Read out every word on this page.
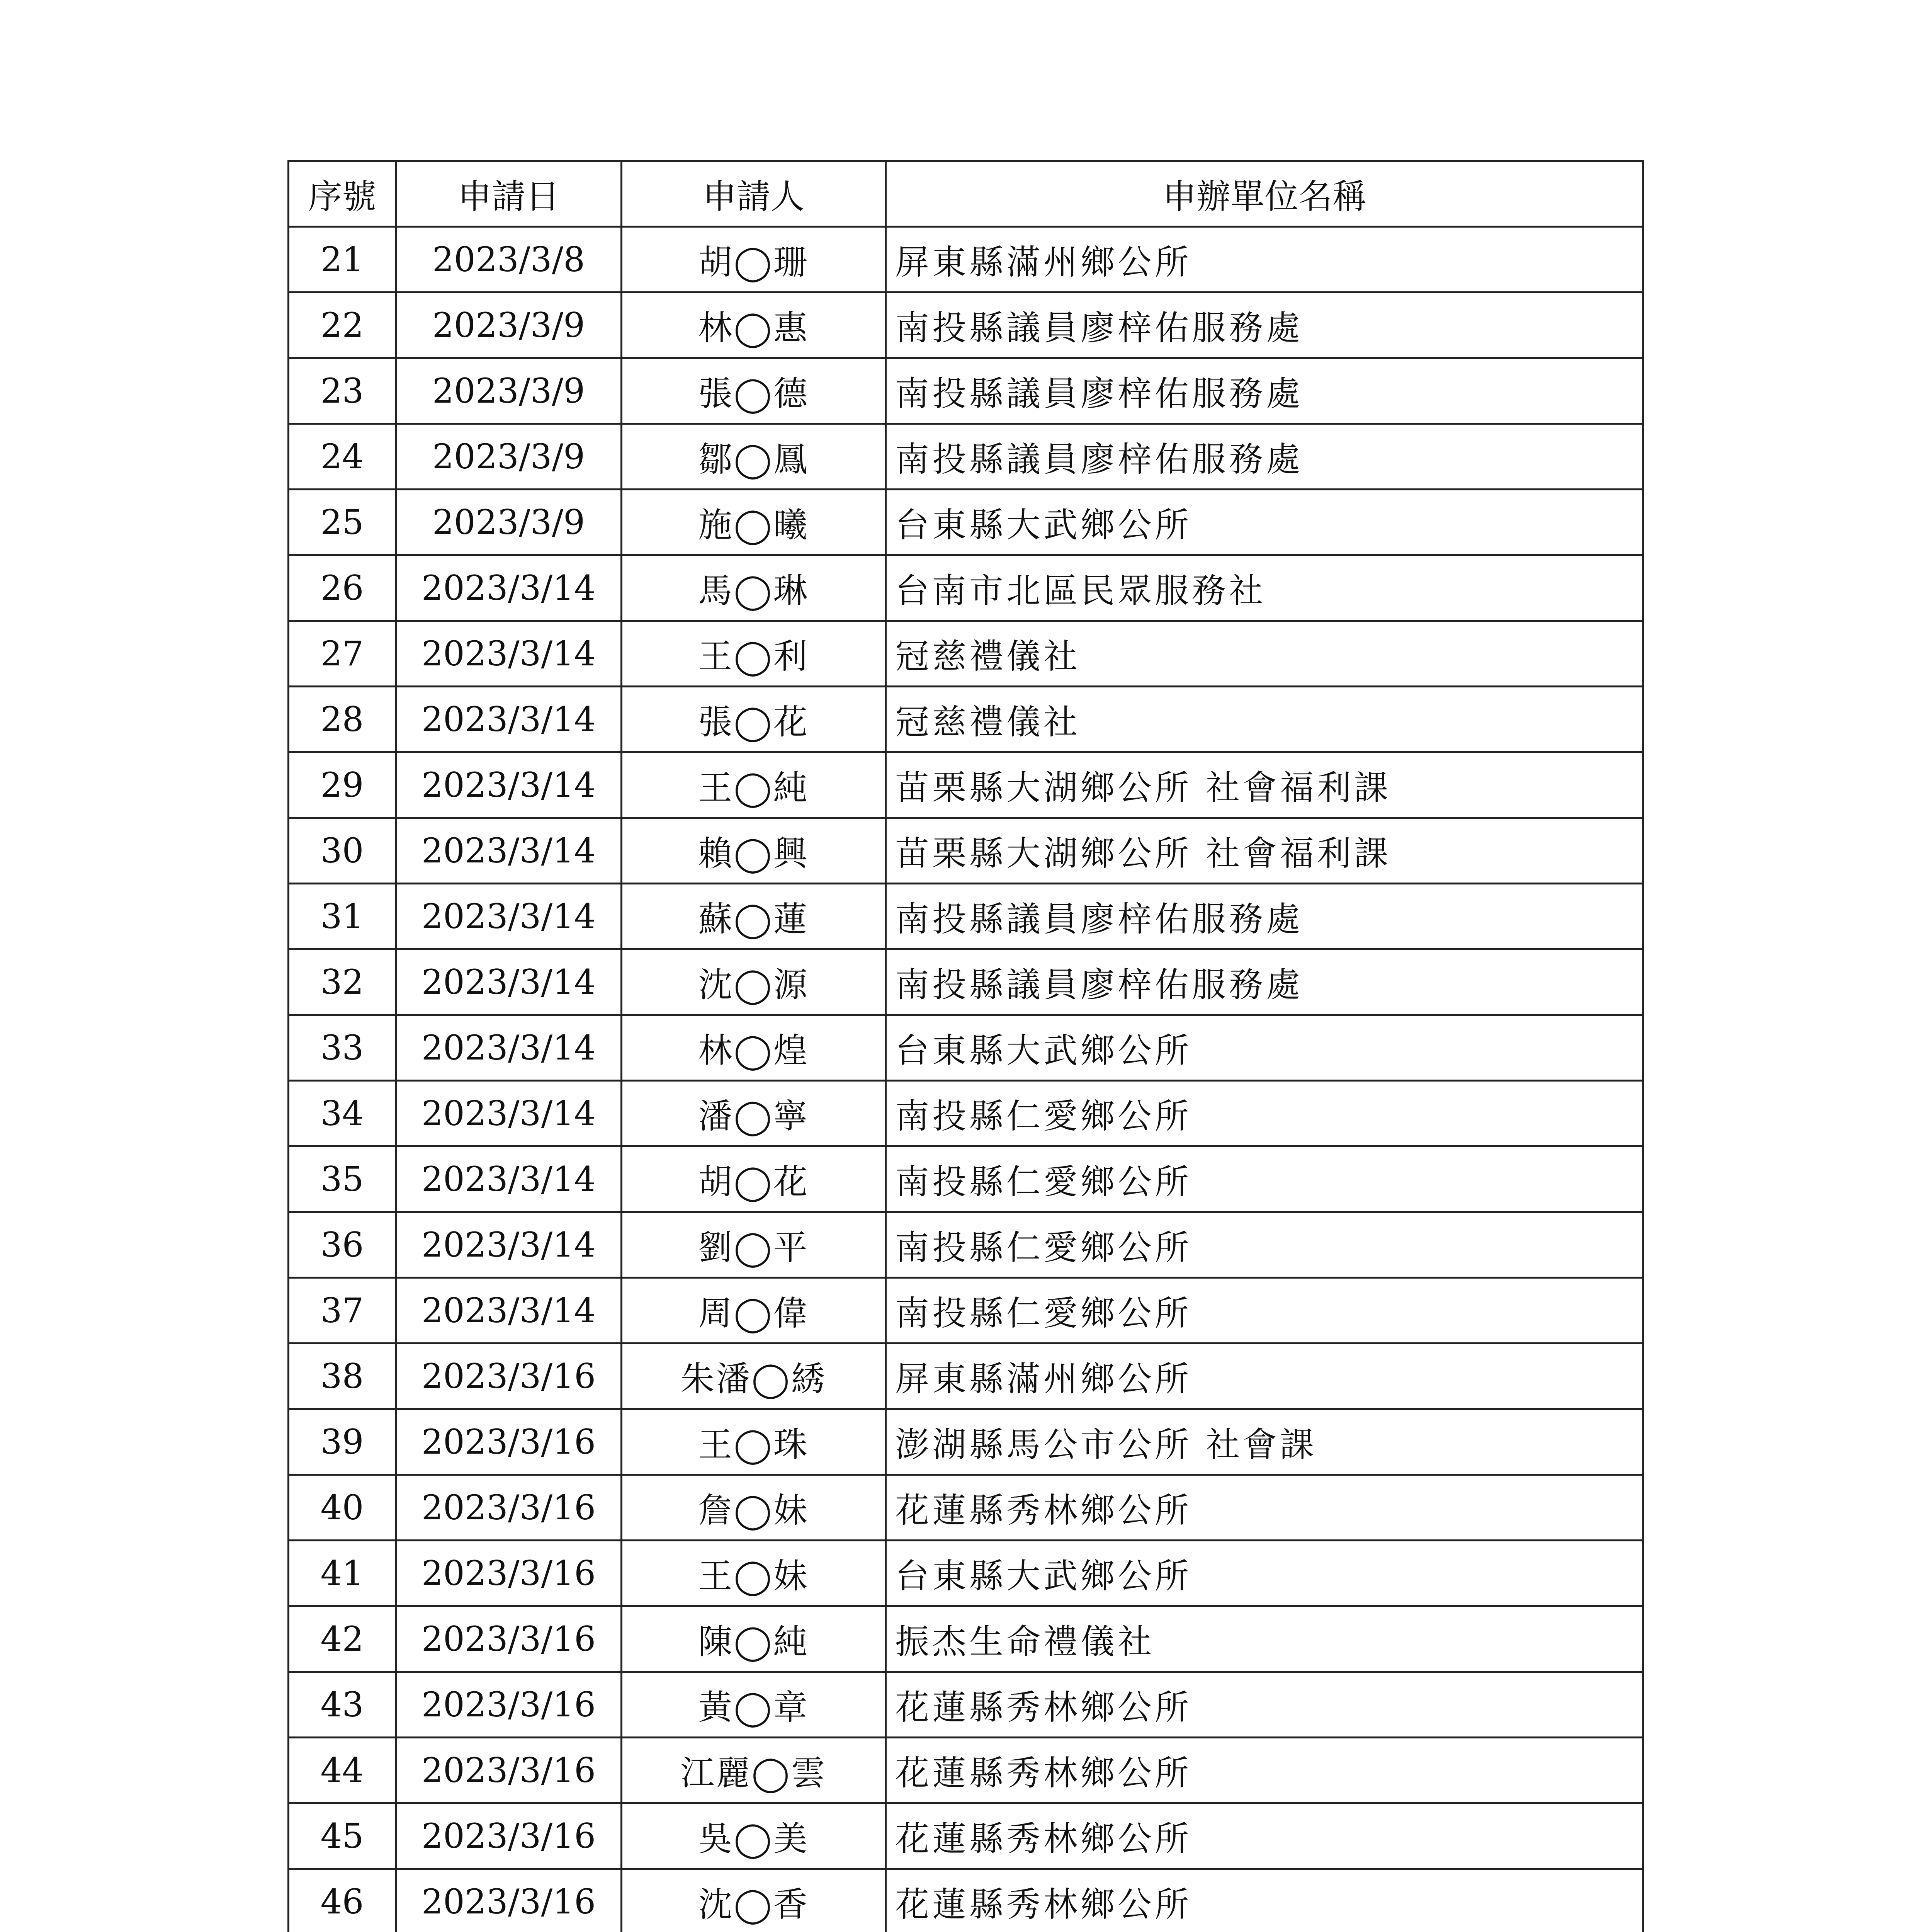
序號	申請日	申請人	申辦單位名稱
21	2023/3/8	胡◯珊	屏東縣滿州鄉公所
22	2023/3/9	林◯惠	南投縣議員廖梓佑服務處
23	2023/3/9	張◯德	南投縣議員廖梓佑服務處
24	2023/3/9	鄒◯鳳	南投縣議員廖梓佑服務處
25	2023/3/9	施◯曦	台東縣大武鄉公所
26	2023/3/14	馬◯琳	台南市北區民眾服務社
27	2023/3/14	王◯利	冠慈禮儀社
28	2023/3/14	張◯花	冠慈禮儀社
29	2023/3/14	王◯純	苗栗縣大湖鄉公所 社會福利課
30	2023/3/14	賴◯興	苗栗縣大湖鄉公所 社會福利課
31	2023/3/14	蘇◯蓮	南投縣議員廖梓佑服務處
32	2023/3/14	沈◯源	南投縣議員廖梓佑服務處
33	2023/3/14	林◯煌	台東縣大武鄉公所
34	2023/3/14	潘◯寧	南投縣仁愛鄉公所
35	2023/3/14	胡◯花	南投縣仁愛鄉公所
36	2023/3/14	劉◯平	南投縣仁愛鄉公所
37	2023/3/14	周◯偉	南投縣仁愛鄉公所
38	2023/3/16	朱潘◯綉	屏東縣滿州鄉公所
39	2023/3/16	王◯珠	澎湖縣馬公市公所 社會課
40	2023/3/16	詹◯妹	花蓮縣秀林鄉公所
41	2023/3/16	王◯妹	台東縣大武鄉公所
42	2023/3/16	陳◯純	振杰生命禮儀社
43	2023/3/16	黃◯章	花蓮縣秀林鄉公所
44	2023/3/16	江麗◯雲	花蓮縣秀林鄉公所
45	2023/3/16	吳◯美	花蓮縣秀林鄉公所
46	2023/3/16	沈◯香	花蓮縣秀林鄉公所
